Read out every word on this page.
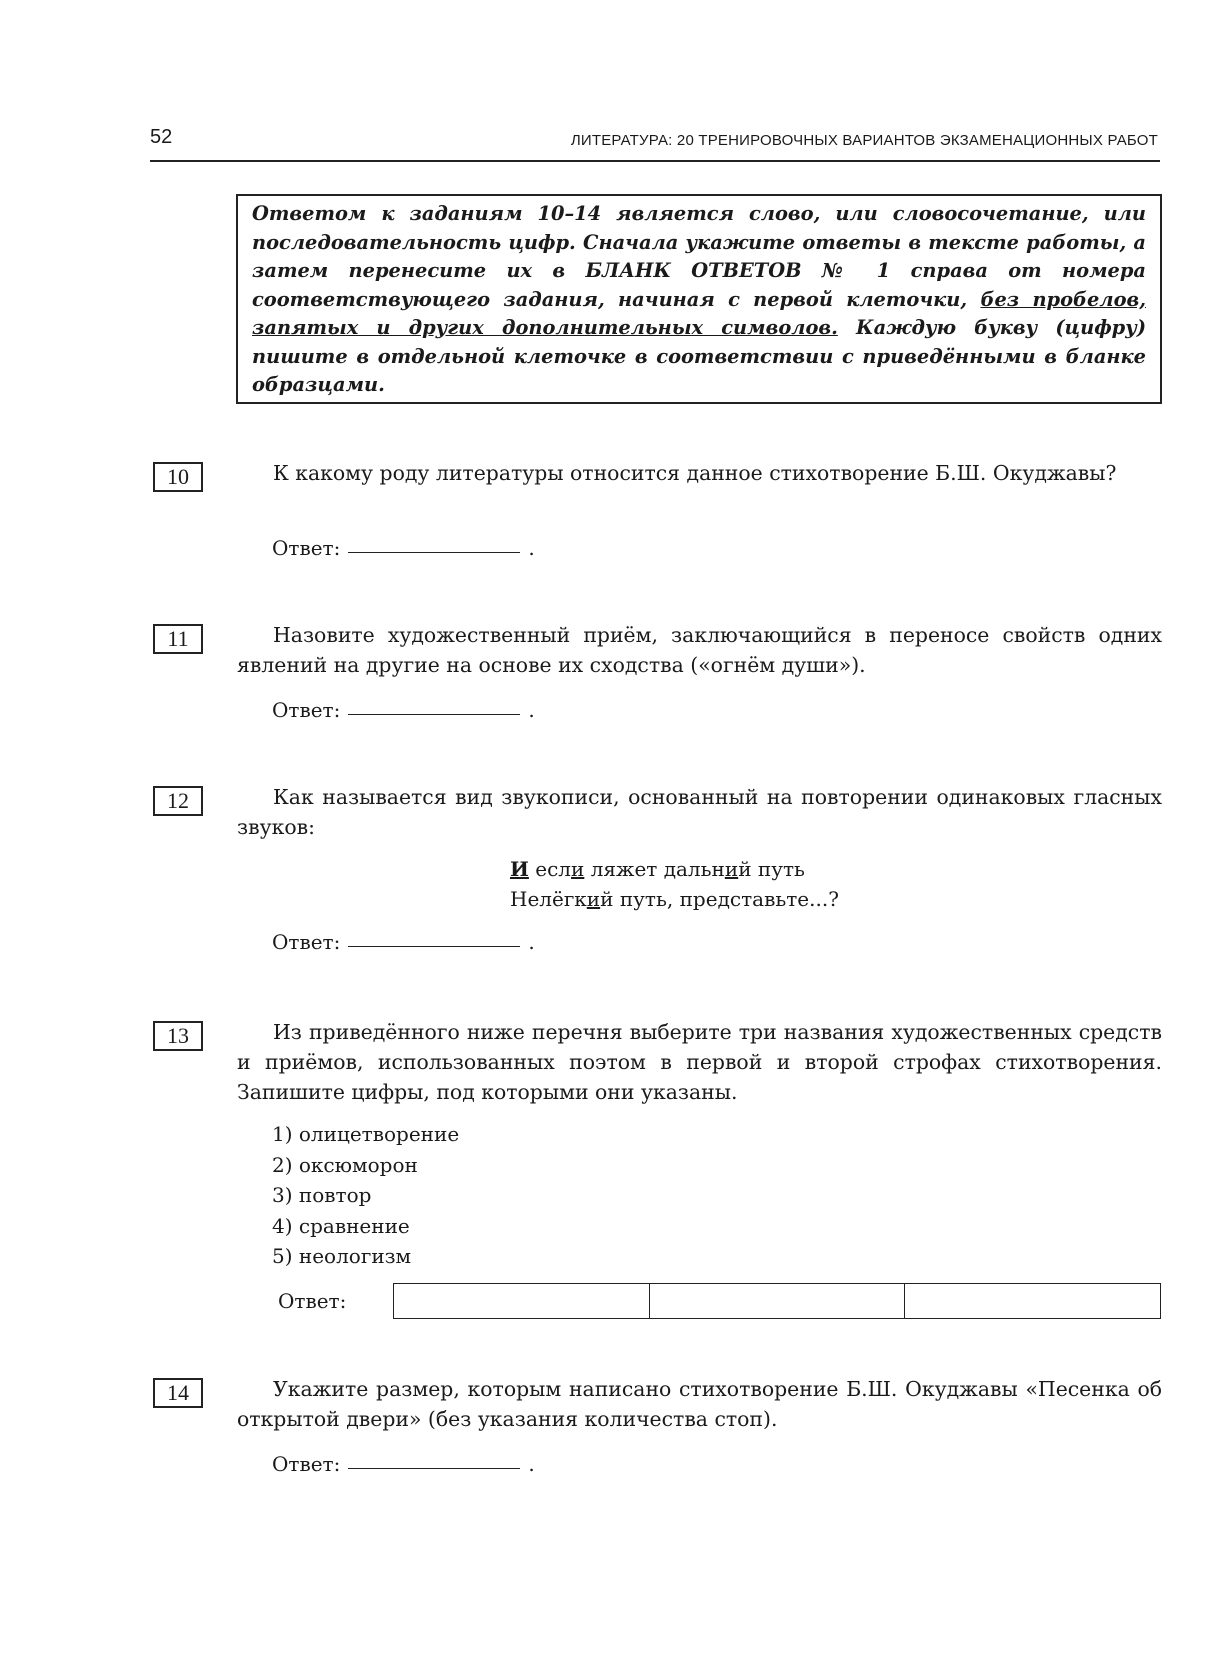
52	ЛИТЕРАТУРА: 20 ТРЕНИРОВОЧНЫХ ВАРИАНТОВ ЭКЗАМЕНАЦИОННЫХ РАБОТ
Ответом к заданиям 10–14 является слово, или словосочетание, или последовательность цифр. Сначала укажите ответы в тексте работы, а затем перенесите их в БЛАНК ОТВЕТОВ № 1 справа от номера соответствующего задания, начиная с первой клеточки, без пробелов, запятых и других дополнительных символов. Каждую букву (цифру) пишите в отдельной клеточке в соответствии с приведёнными в бланке образцами.
10	К какому роду литературы относится данное стихотворение Б.Ш. Окуджавы?
Ответ:	.
11	Назовите художественный приём, заключающийся в переносе свойств одних явлений на другие на основе их сходства («огнём души»).
Ответ:	.
12	Как называется вид звукописи, основанный на повторении одинаковых гласных звуков:
И если ляжет дальний путь
Нелёгкий путь, представьте...?
Ответ:	.
13	Из приведённого ниже перечня выберите три названия художественных средств и приёмов, использованных поэтом в первой и второй строфах стихотворения. Запишите цифры, под которыми они указаны.
1) олицетворение
2) оксюморон
3) повтор
4) сравнение
5) неологизм
Ответ:
14	Укажите размер, которым написано стихотворение Б.Ш. Окуджавы «Песенка об открытой двери» (без указания количества стоп).
Ответ:	.
